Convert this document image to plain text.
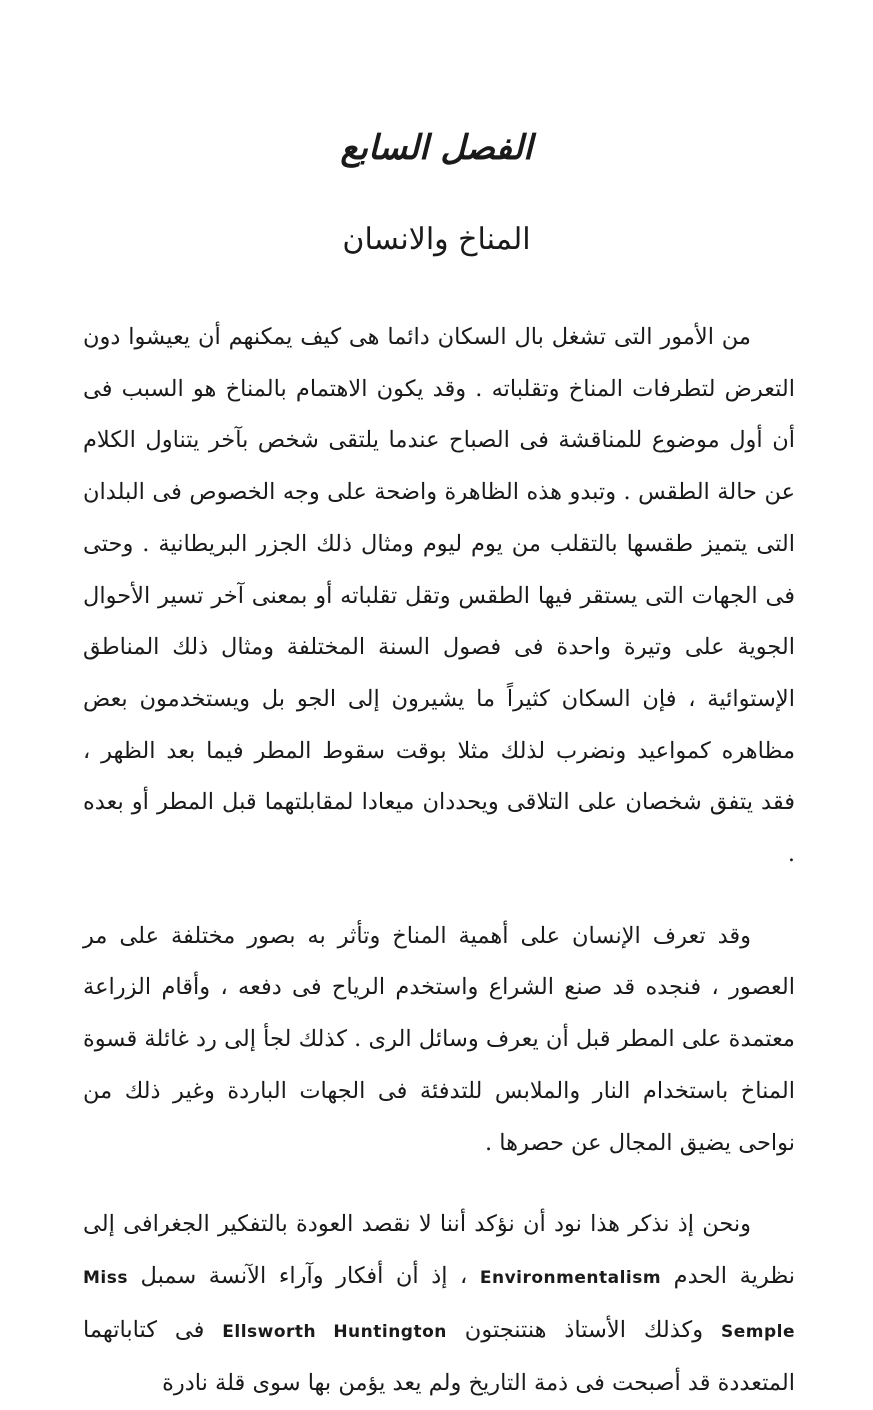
الفصل السابع
المناخ والانسان

من الأمور التى تشغل بال السكان دائما هى كيف يمكنهم أن يعيشوا دون التعرض لتطرفات المناخ وتقلباته . وقد يكون الاهتمام بالمناخ هو السبب فى أن أول موضوع للمناقشة فى الصباح عندما يلتقى شخص بآخر يتناول الكلام عن حالة الطقس . وتبدو هذه الظاهرة واضحة على وجه الخصوص فى البلدان التى يتميز طقسها بالتقلب من يوم ليوم ومثال ذلك الجزر البريطانية . وحتى فى الجهات التى يستقر فيها الطقس وتقل تقلباته أو بمعنى آخر تسير الأحوال الجوية على وتيرة واحدة فى فصول السنة المختلفة ومثال ذلك المناطق الإستوائية ، فإن السكان كثيراً ما يشيرون إلى الجو بل ويستخدمون بعض مظاهره كمواعيد ونضرب لذلك مثلا بوقت سقوط المطر فيما بعد الظهر ، فقد يتفق شخصان على التلاقى ويحددان ميعادا لمقابلتهما قبل المطر أو بعده .

وقد تعرف الإنسان على أهمية المناخ وتأثر به بصور مختلفة على مر العصور ، فنجده قد صنع الشراع واستخدم الرياح فى دفعه ، وأقام الزراعة معتمدة على المطر قبل أن يعرف وسائل الرى . كذلك لجأ إلى رد غائلة قسوة المناخ باستخدام النار والملابس للتدفئة فى الجهات الباردة وغير ذلك من نواحى يضيق المجال عن حصرها .

ونحن إذ نذكر هذا نود أن نؤكد أننا لا نقصد العودة بالتفكير الجغرافى إلى نظرية الحدم Environmentalism ، إذ أن أفكار وآراء الآنسة سمبل Miss Semple وكذلك الأستاذ هنتنجتون Ellsworth Huntington فى كتاباتهما المتعددة قد أصبحت فى ذمة التاريخ ولم يعد يؤمن بها سوى قلة نادرة
